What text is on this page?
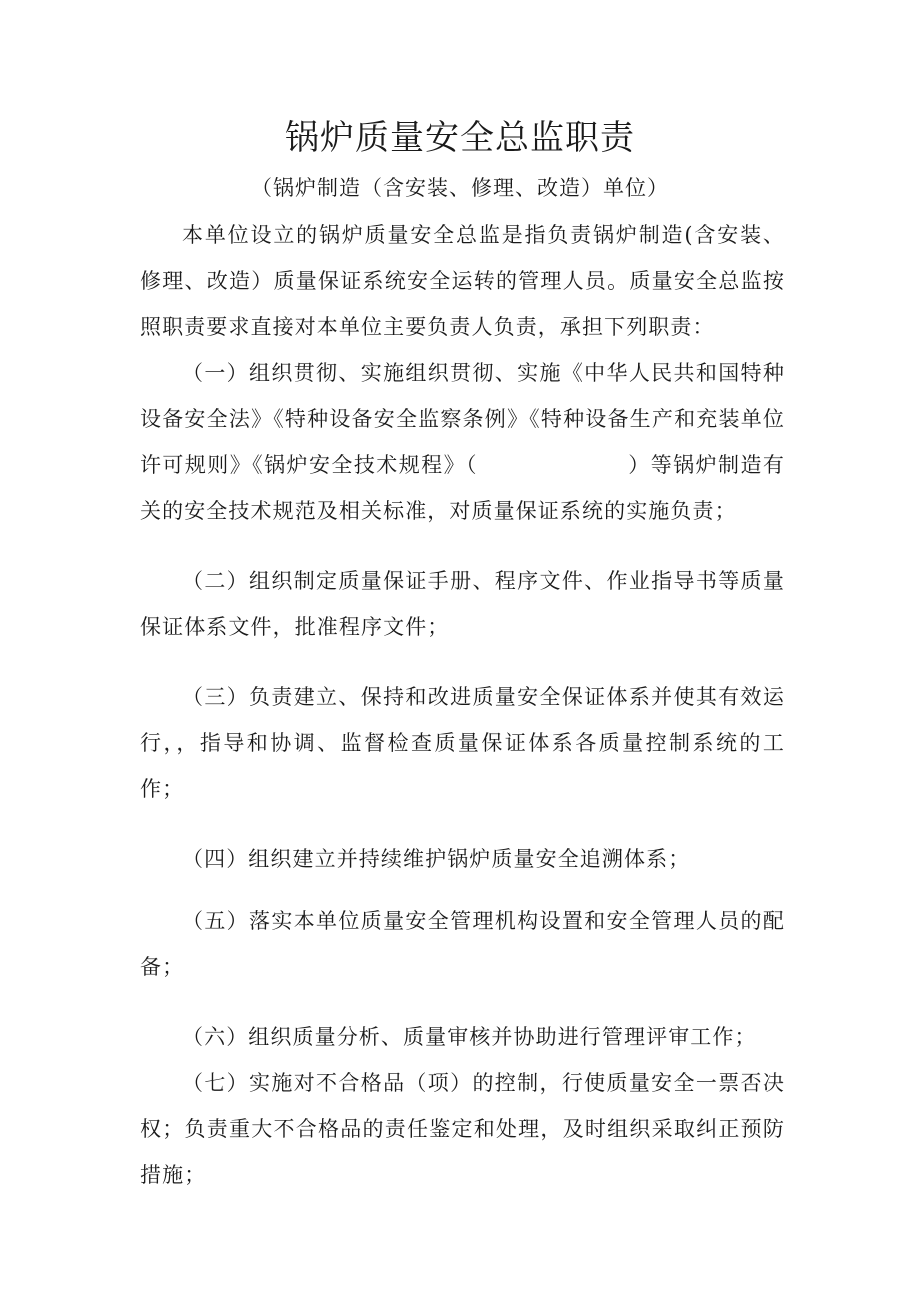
锅炉质量安全总监职责

（锅炉制造（含安装、修理、改造）单位）

本单位设立的锅炉质量安全总监是指负责锅炉制造(含安装、修理、改造）质量保证系统安全运转的管理人员。质量安全总监按照职责要求直接对本单位主要负责人负责，承担下列职责：

（一）组织贯彻、实施组织贯彻、实施《中华人民共和国特种设备安全法》《特种设备安全监察条例》《特种设备生产和充装单位许可规则》《锅炉安全技术规程》（	）等锅炉制造有关的安全技术规范及相关标准，对质量保证系统的实施负责；

（二）组织制定质量保证手册、程序文件、作业指导书等质量保证体系文件，批准程序文件；

（三）负责建立、保持和改进质量安全保证体系并使其有效运行，，指导和协调、监督检查质量保证体系各质量控制系统的工作；

（四）组织建立并持续维护锅炉质量安全追溯体系；

（五）落实本单位质量安全管理机构设置和安全管理人员的配备；

（六）组织质量分析、质量审核并协助进行管理评审工作；

（七）实施对不合格品（项）的控制，行使质量安全一票否决权；负责重大不合格品的责任鉴定和处理，及时组织采取纠正预防措施；
